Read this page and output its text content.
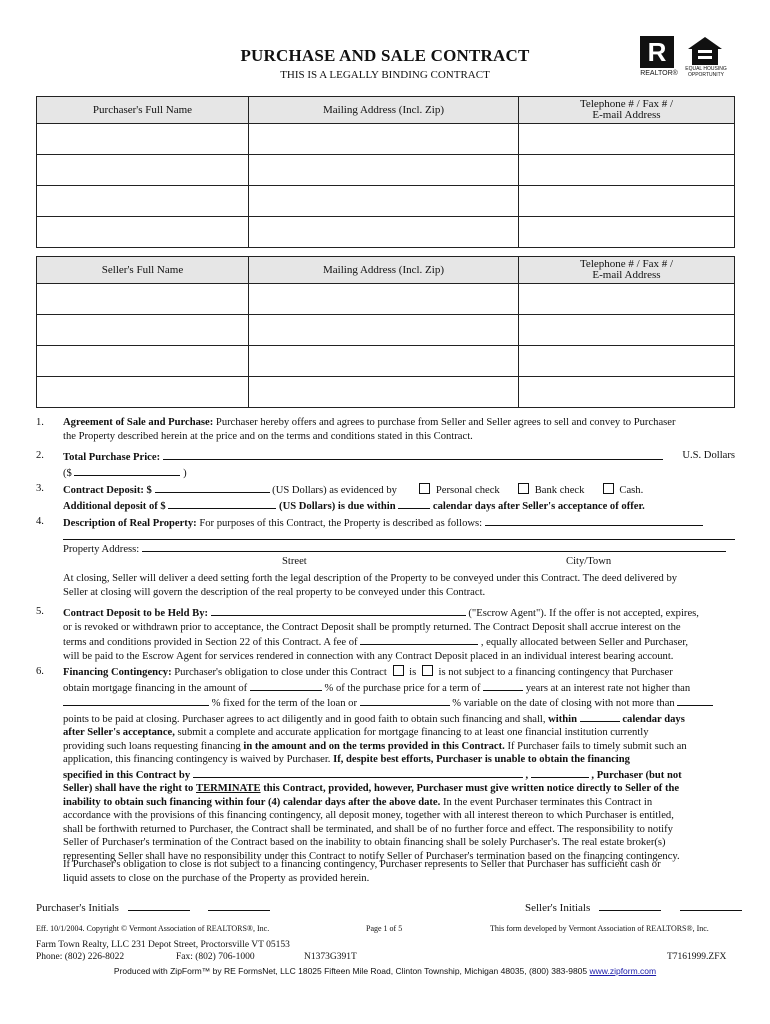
PURCHASE AND SALE CONTRACT
THIS IS A LEGALLY BINDING CONTRACT
R
REALTOR®
EQUAL HOUSING OPPORTUNITY
Purchaser's Full Name	Mailing Address (Incl. Zip)	Telephone # / Fax # /
E-mail Address

Seller's Full Name	Mailing Address (Incl. Zip)	Telephone # / Fax # /
E-mail Address

1. Agreement of Sale and Purchase: Purchaser hereby offers and agrees to purchase from Seller and Seller agrees to sell and convey to Purchaser
the Property described herein at the price and on the terms and conditions stated in this Contract.
2. Total Purchase Price:	U.S. Dollars
($	)
3. Contract Deposit: $	(US Dollars) as evidenced by	Personal check	Bank check	Cash.
Additional deposit of $	(US Dollars) is due within	calendar days after Seller's acceptance of offer.
4. Description of Real Property: For purposes of this Contract, the Property is described as follows:
Property Address:
Street	City/Town
At closing, Seller will deliver a deed setting forth the legal description of the Property to be conveyed under this Contract. The deed delivered by
Seller at closing will govern the description of the real property to be conveyed under this Contract.
5. Contract Deposit to be Held By:	("Escrow Agent"). If the offer is not accepted, expires,
or is revoked or withdrawn prior to acceptance, the Contract Deposit shall be promptly returned. The Contract Deposit shall accrue interest on the
terms and conditions provided in Section 22 of this Contract. A fee of	, equally allocated between Seller and Purchaser,
will be paid to the Escrow Agent for services rendered in connection with any Contract Deposit placed in an individual interest bearing account.
6. Financing Contingency: Purchaser's obligation to close under this Contract is is not subject to a financing contingency that Purchaser
obtain mortgage financing in the amount of	% of the purchase price for a term of	years at an interest rate not higher than
% fixed for the term of the loan or	% variable on the date of closing with not more than
points to be paid at closing. Purchaser agrees to act diligently and in good faith to obtain such financing and shall, within	calendar days
after Seller's acceptance, submit a complete and accurate application for mortgage financing to at least one financial institution currently
providing such loans requesting financing in the amount and on the terms provided in this Contract. If Purchaser fails to timely submit such an
application, this financing contingency is waived by Purchaser. If, despite best efforts, Purchaser is unable to obtain the financing
specified in this Contract by	,	, Purchaser (but not
Seller) shall have the right to TERMINATE this Contract, provided, however, Purchaser must give written notice directly to Seller of the
inability to obtain such financing within four (4) calendar days after the above date. In the event Purchaser terminates this Contract in
accordance with the provisions of this financing contingency, all deposit money, together with all interest thereon to which Purchaser is entitled,
shall be forthwith returned to Purchaser, the Contract shall be terminated, and shall be of no further force and effect. The responsibility to notify
Seller of Purchaser's termination of the Contract based on the inability to obtain financing shall be solely Purchaser's. The real estate broker(s)
representing Seller shall have no responsibility under this Contract to notify Seller of Purchaser's termination based on the financing contingency.
If Purchaser's obligation to close is not subject to a financing contingency, Purchaser represents to Seller that Purchaser has sufficient cash or
liquid assets to close on the purchase of the Property as provided herein.
Purchaser's Initials	Seller's Initials
Eff. 10/1/2004. Copyright © Vermont Association of REALTORS®, Inc.	Page 1 of 5	This form developed by Vermont Association of REALTORS®, Inc.
Farm Town Realty, LLC 231 Depot Street, Proctorsville VT 05153
Phone: (802) 226-8022	Fax: (802) 706-1000	N1373G391T	T7161999.ZFX
Produced with ZipForm™ by RE FormsNet, LLC 18025 Fifteen Mile Road, Clinton Township, Michigan 48035, (800) 383-9805 www.zipform.com
